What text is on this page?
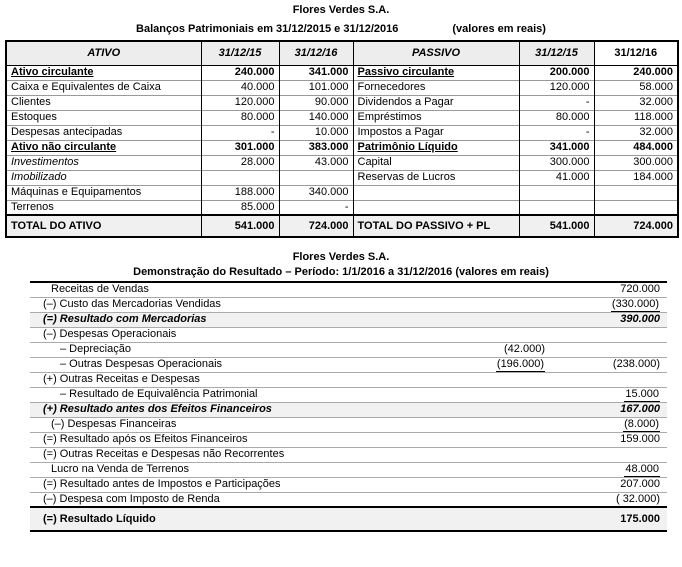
Flores Verdes S.A.
Balanços Patrimoniais em 31/12/2015 e 31/12/2016	(valores em reais)
ATIVO	31/12/15	31/12/16	PASSIVO	31/12/15	31/12/16
Ativo circulante	240.000	341.000	Passivo circulante	200.000	240.000
Caixa e Equivalentes de Caixa	40.000	101.000	Fornecedores	120.000	58.000
Clientes	120.000	90.000	Dividendos a Pagar	-	32.000
Estoques	80.000	140.000	Empréstimos	80.000	118.000
Despesas antecipadas	-	10.000	Impostos a Pagar	-	32.000
Ativo não circulante	301.000	383.000	Patrimônio Líquido	341.000	484.000
Investimentos	28.000	43.000	Capital	300.000	300.000
Imobilizado			Reservas de Lucros	41.000	184.000
Máquinas e Equipamentos	188.000	340.000			
Terrenos	85.000	-			
TOTAL DO ATIVO	541.000	724.000	TOTAL DO PASSIVO + PL	541.000	724.000
Flores Verdes S.A.
Demonstração do Resultado – Período: 1/1/2016 a 31/12/2016 (valores em reais)
Receitas de Vendas		720.000
(–) Custo das Mercadorias Vendidas		(330.000)
(=) Resultado com Mercadorias		390.000
(–) Despesas Operacionais		
– Depreciação	(42.000)	
– Outras Despesas Operacionais	(196.000)	(238.000)
(+) Outras Receitas e Despesas		
– Resultado de Equivalência Patrimonial		15.000
(+) Resultado antes dos Efeitos Financeiros		167.000
(–) Despesas Financeiras		(8.000)
(=) Resultado após os Efeitos Financeiros		159.000
(=) Outras Receitas e Despesas não Recorrentes		
Lucro na Venda de Terrenos		48.000
(=) Resultado antes de Impostos e Participações		207.000
(–) Despesa com Imposto de Renda		( 32.000)
(=) Resultado Líquido		175.000
